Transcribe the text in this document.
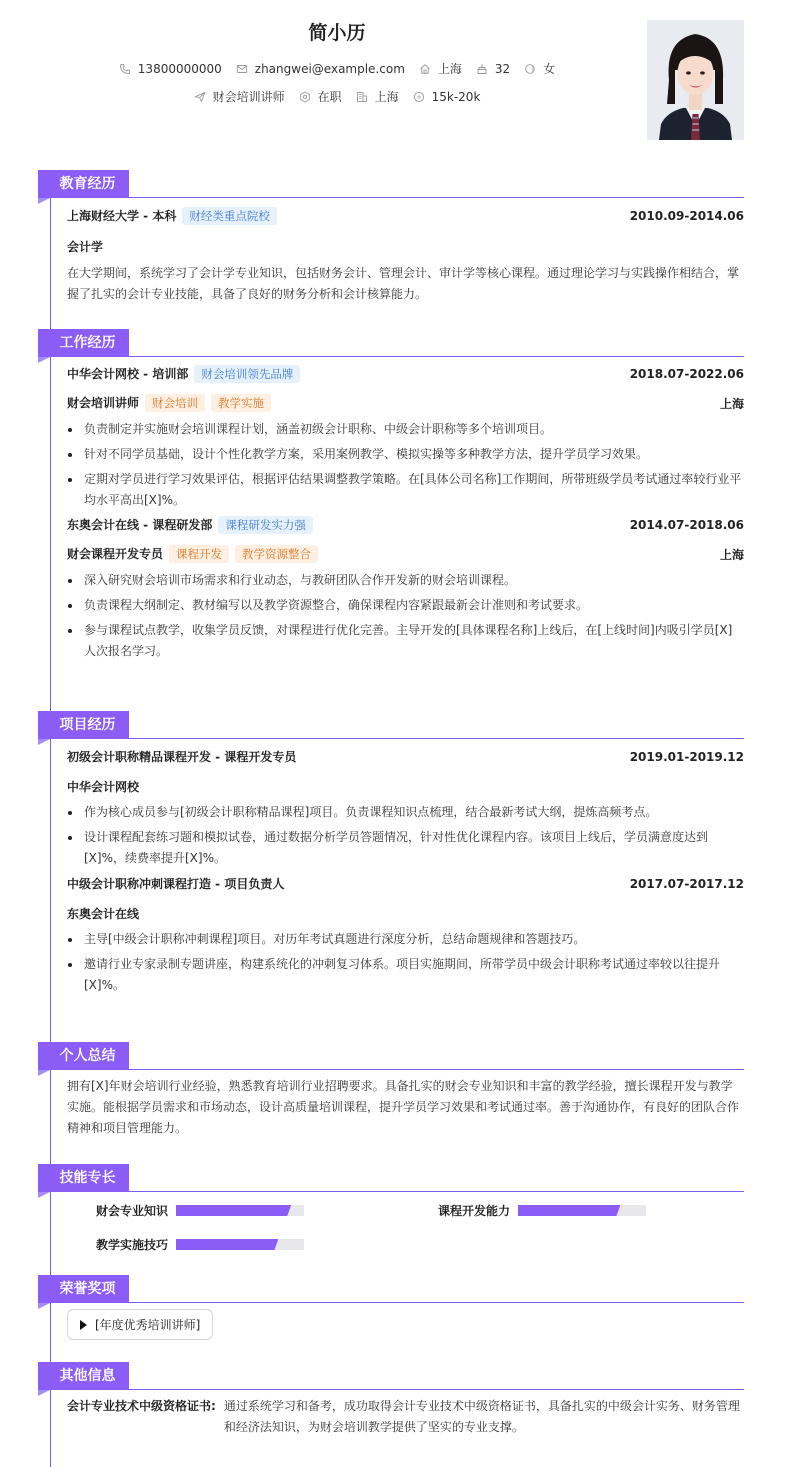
简小历
13800000000	zhangwei@example.com	上海	32	女
财会培训讲师	在职	上海	15k-20k
教育经历
上海财经大学 - 本科 财经类重点院校	2010.09-2014.06
会计学
在大学期间，系统学习了会计学专业知识，包括财务会计、管理会计、审计学等核心课程。通过理论学习与实践操作相结合，掌握了扎实的会计专业技能，具备了良好的财务分析和会计核算能力。
工作经历
中华会计网校 - 培训部 财会培训领先品牌	2018.07-2022.06
财会培训讲师 财会培训 教学实施	上海
负责制定并实施财会培训课程计划，涵盖初级会计职称、中级会计职称等多个培训项目。
针对不同学员基础，设计个性化教学方案，采用案例教学、模拟实操等多种教学方法，提升学员学习效果。
定期对学员进行学习效果评估，根据评估结果调整教学策略。在[具体公司名称]工作期间，所带班级学员考试通过率较行业平均水平高出[X]%。
东奥会计在线 - 课程研发部 课程研发实力强	2014.07-2018.06
财会课程开发专员 课程开发 教学资源整合	上海
深入研究财会培训市场需求和行业动态，与教研团队合作开发新的财会培训课程。
负责课程大纲制定、教材编写以及教学资源整合，确保课程内容紧跟最新会计准则和考试要求。
参与课程试点教学，收集学员反馈，对课程进行优化完善。主导开发的[具体课程名称]上线后，在[上线时间]内吸引学员[X]人次报名学习。
项目经历
初级会计职称精品课程开发 - 课程开发专员	2019.01-2019.12
中华会计网校
作为核心成员参与[初级会计职称精品课程]项目。负责课程知识点梳理，结合最新考试大纲，提炼高频考点。
设计课程配套练习题和模拟试卷，通过数据分析学员答题情况，针对性优化课程内容。该项目上线后，学员满意度达到[X]%，续费率提升[X]%。
中级会计职称冲刺课程打造 - 项目负责人	2017.07-2017.12
东奥会计在线
主导[中级会计职称冲刺课程]项目。对历年考试真题进行深度分析，总结命题规律和答题技巧。
邀请行业专家录制专题讲座，构建系统化的冲刺复习体系。项目实施期间，所带学员中级会计职称考试通过率较以往提升[X]%。
个人总结
拥有[X]年财会培训行业经验，熟悉教育培训行业招聘要求。具备扎实的财会专业知识和丰富的教学经验，擅长课程开发与教学实施。能根据学员需求和市场动态，设计高质量培训课程，提升学员学习效果和考试通过率。善于沟通协作，有良好的团队合作精神和项目管理能力。
技能专长
财会专业知识	课程开发能力
教学实施技巧
荣誉奖项
[年度优秀培训讲师]
其他信息
会计专业技术中级资格证书: 通过系统学习和备考，成功取得会计专业技术中级资格证书，具备扎实的中级会计实务、财务管理和经济法知识，为财会培训教学提供了坚实的专业支撑。
